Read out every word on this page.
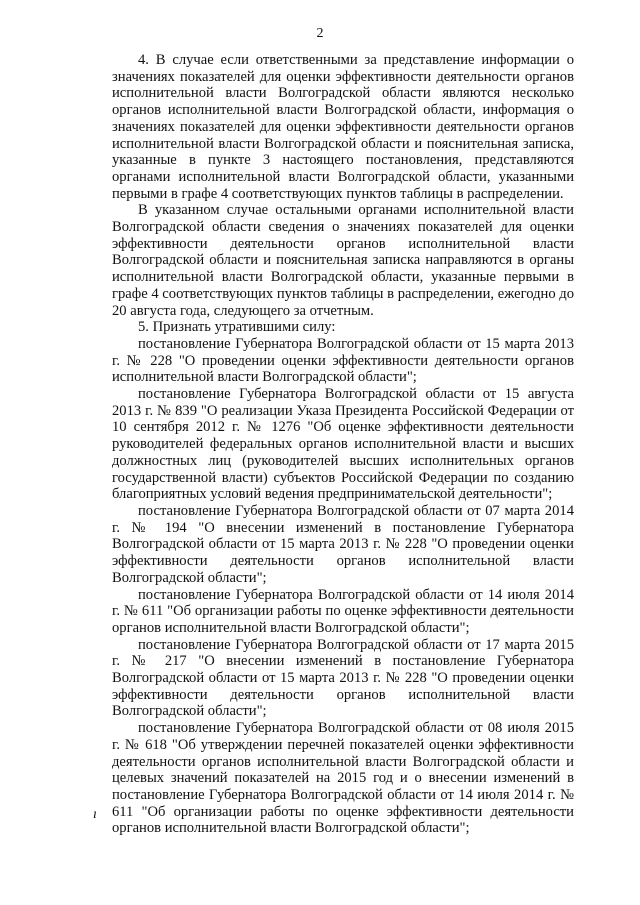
2

4. В случае если ответственными за представление информации о значениях показателей для оценки эффективности деятельности органов исполнительной власти Волгоградской области являются несколько органов исполнительной власти Волгоградской области, информация о значениях показателей для оценки эффективности деятельности органов исполнительной власти Волгоградской области и пояснительная записка, указанные в пункте 3 настоящего постановления, представляются органами исполнительной власти Волгоградской области, указанными первыми в графе 4 соответствующих пунктов таблицы в распределении.

В указанном случае остальными органами исполнительной власти Волгоградской области сведения о значениях показателей для оценки эффективности деятельности органов исполнительной власти Волгоградской области и пояснительная записка направляются в органы исполнительной власти Волгоградской области, указанные первыми в графе 4 соответствующих пунктов таблицы в распределении, ежегодно до 20 августа года, следующего за отчетным.

5. Признать утратившими силу:

постановление Губернатора Волгоградской области от 15 марта 2013 г. № 228 "О проведении оценки эффективности деятельности органов исполнительной власти Волгоградской области";

постановление Губернатора Волгоградской области от 15 августа 2013 г. № 839 "О реализации Указа Президента Российской Федерации от 10 сентября 2012 г. № 1276 "Об оценке эффективности деятельности руководителей федеральных органов исполнительной власти и высших должностных лиц (руководителей высших исполнительных органов государственной власти) субъектов Российской Федерации по созданию благоприятных условий ведения предпринимательской деятельности";

постановление Губернатора Волгоградской области от 07 марта 2014 г. № 194 "О внесении изменений в постановление Губернатора Волгоградской области от 15 марта 2013 г. № 228 "О проведении оценки эффективности деятельности органов исполнительной власти Волгоградской области";

постановление Губернатора Волгоградской области от 14 июля 2014 г. № 611 "Об организации работы по оценке эффективности деятельности органов исполнительной власти Волгоградской области";

постановление Губернатора Волгоградской области от 17 марта 2015 г. № 217 "О внесении изменений в постановление Губернатора Волгоградской области от 15 марта 2013 г. № 228 "О проведении оценки эффективности деятельности органов исполнительной власти Волгоградской области";

постановление Губернатора Волгоградской области от 08 июля 2015 г. № 618 "Об утверждении перечней показателей оценки эффективности деятельности органов исполнительной власти Волгоградской области и целевых значений показателей на 2015 год и о внесении изменений в постановление Губернатора Волгоградской области от 14 июля 2014 г. № 611 "Об организации работы по оценке эффективности деятельности органов исполнительной власти Волгоградской области";

ı
